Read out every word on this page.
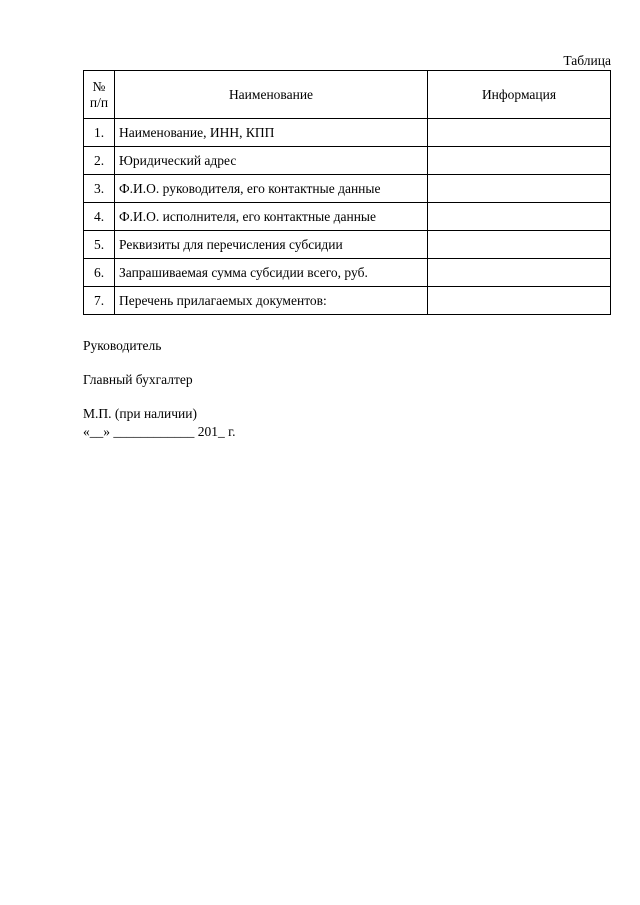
Таблица
№
п/п	Наименование	Информация
1.	Наименование, ИНН, КПП	
2.	Юридический адрес	
3.	Ф.И.О. руководителя, его контактные данные	
4.	Ф.И.О. исполнителя, его контактные данные	
5.	Реквизиты для перечисления субсидии	
6.	Запрашиваемая сумма субсидии всего, руб.	
7.	Перечень прилагаемых документов:	
Руководитель
Главный бухгалтер
М.П. (при наличии)
«__» ____________ 201_ г.
